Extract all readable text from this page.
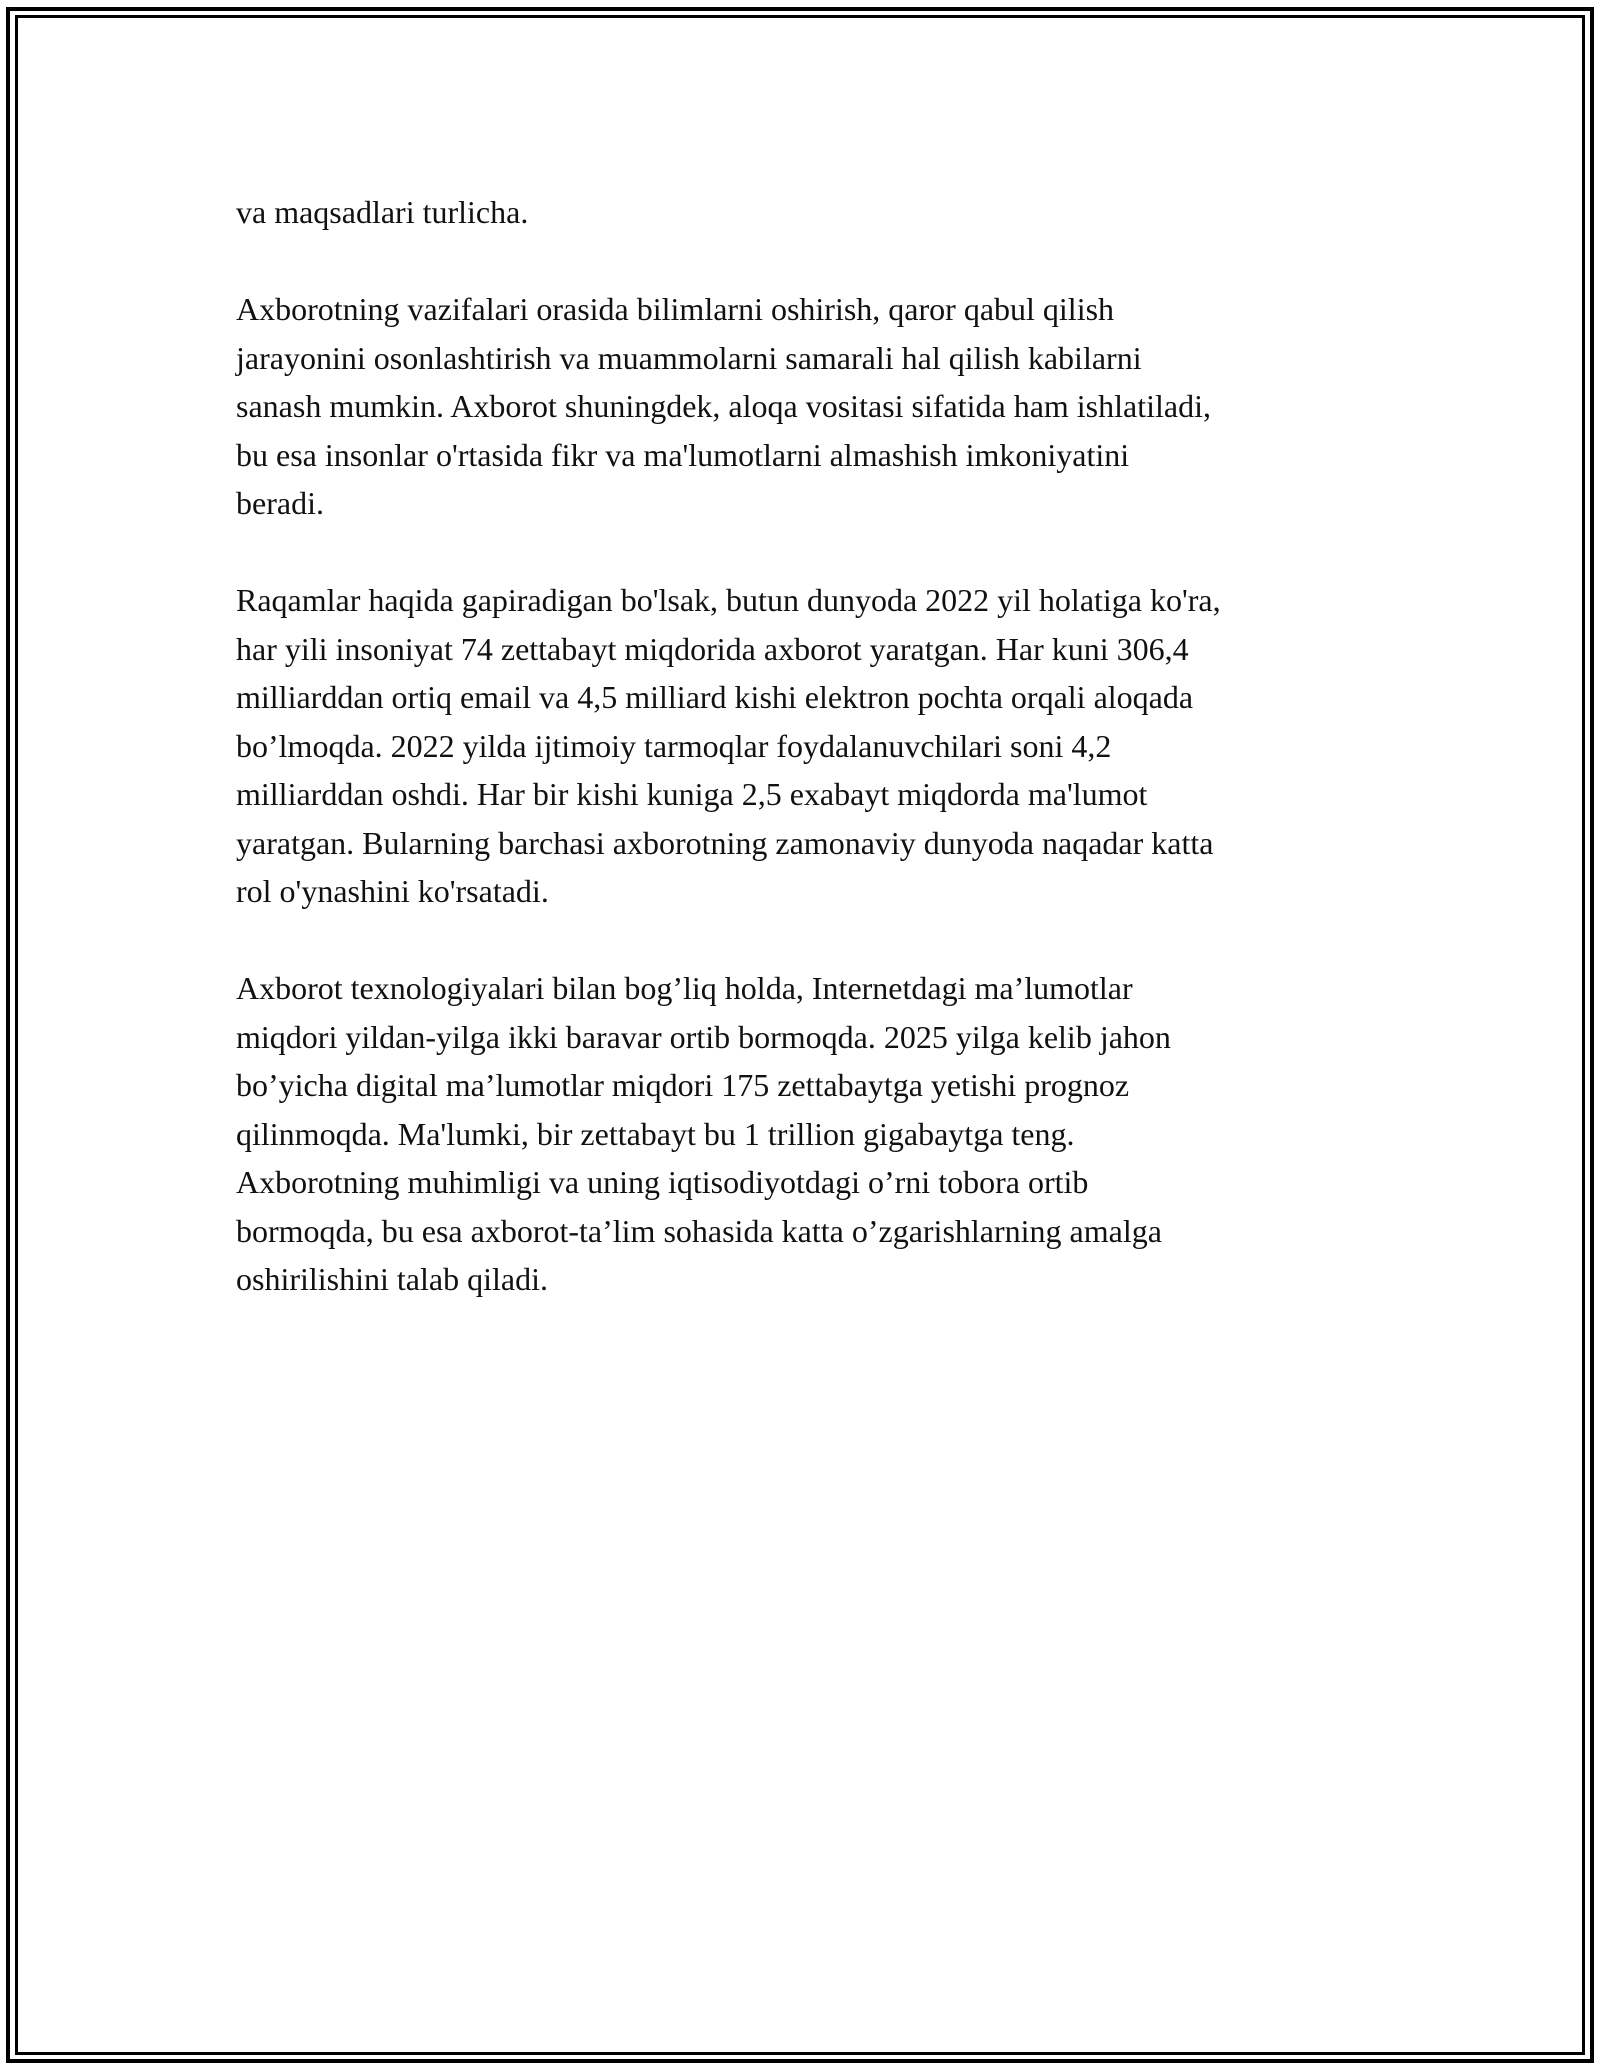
va maqsadlari turlicha.

Axborotning vazifalari orasida bilimlarni oshirish, qaror qabul qilish
jarayonini osonlashtirish va muammolarni samarali hal qilish kabilarni
sanash mumkin. Axborot shuningdek, aloqa vositasi sifatida ham ishlatiladi,
bu esa insonlar o'rtasida fikr va ma'lumotlarni almashish imkoniyatini
beradi.

Raqamlar haqida gapiradigan bo'lsak, butun dunyoda 2022 yil holatiga ko'ra,
har yili insoniyat 74 zettabayt miqdorida axborot yaratgan. Har kuni 306,4
milliarddan ortiq email va 4,5 milliard kishi elektron pochta orqali aloqada
bo’lmoqda. 2022 yilda ijtimoiy tarmoqlar foydalanuvchilari soni 4,2
milliarddan oshdi. Har bir kishi kuniga 2,5 exabayt miqdorda ma'lumot
yaratgan. Bularning barchasi axborotning zamonaviy dunyoda naqadar katta
rol o'ynashini ko'rsatadi.

Axborot texnologiyalari bilan bog’liq holda, Internetdagi ma’lumotlar
miqdori yildan-yilga ikki baravar ortib bormoqda. 2025 yilga kelib jahon
bo’yicha digital ma’lumotlar miqdori 175 zettabaytga yetishi prognoz
qilinmoqda. Ma'lumki, bir zettabayt bu 1 trillion gigabaytga teng.
Axborotning muhimligi va uning iqtisodiyotdagi o’rni tobora ortib
bormoqda, bu esa axborot-ta’lim sohasida katta o’zgarishlarning amalga
oshirilishini talab qiladi.
